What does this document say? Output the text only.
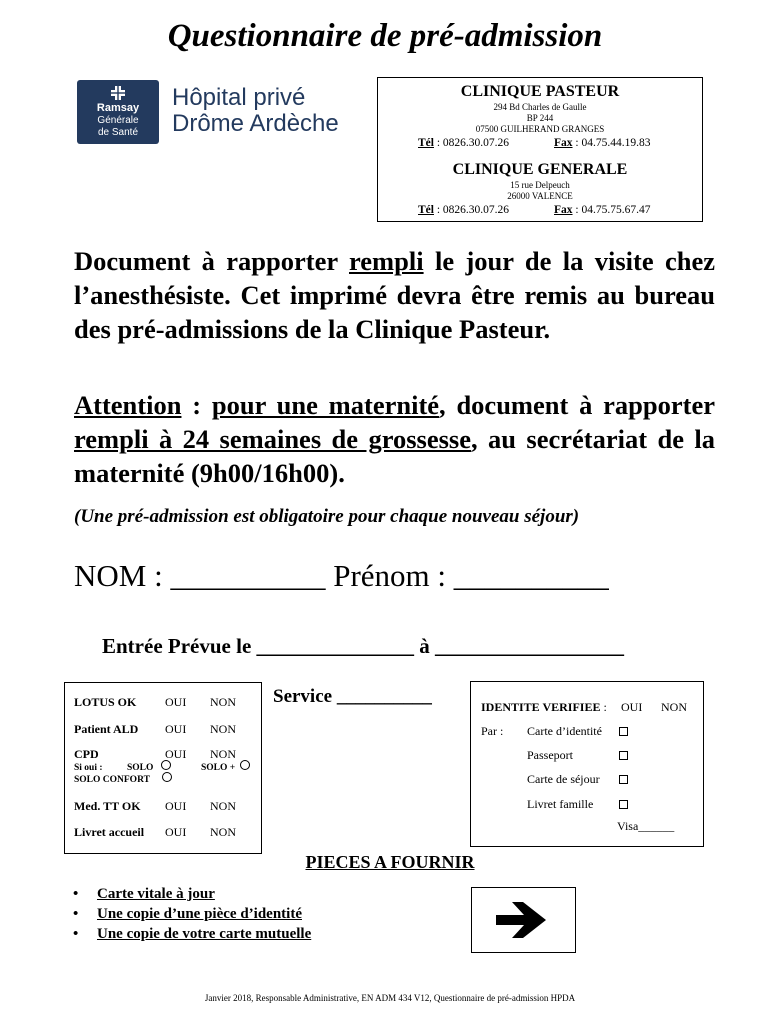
Questionnaire de pré-admission
Ramsay
Générale
de Santé
Hôpital privé
Drôme Ardèche
CLINIQUE PASTEUR
294 Bd Charles de Gaulle
BP 244
07500 GUILHERAND GRANGES
Tél : 0826.30.07.26	Fax : 04.75.44.19.83
CLINIQUE GENERALE
15 rue Delpeuch
26000 VALENCE
Tél : 0826.30.07.26	Fax : 04.75.75.67.47
Document à rapporter rempli le jour de la visite chez l’anesthésiste. Cet imprimé devra être remis au bureau des pré-admissions de la Clinique Pasteur.
Attention : pour une maternité, document à rapporter rempli à 24 semaines de grossesse, au secrétariat de la maternité (9h00/16h00).
(Une pré-admission est obligatoire pour chaque nouveau séjour)
NOM : __________ Prénom : __________
Entrée Prévue le _______________ à __________________
LOTUS OK OUI NON
Patient ALD OUI NON
CPD	OUI NON
Si oui :	SOLO	SOLO +
SOLO CONFORT
Med. TT OK OUI NON
Livret accueil OUI NON
Service __________	IDENTITE VERIFIEE : OUI NON
Par : Carte d’identité
Passeport
Carte de séjour
Livret famille
Visa______
PIECES A FOURNIR
• Carte vitale à jour
• Une copie d’une pièce d’identité
• Une copie de votre carte mutuelle
Janvier 2018, Responsable Administrative, EN ADM 434 V12, Questionnaire de pré-admission HPDA
